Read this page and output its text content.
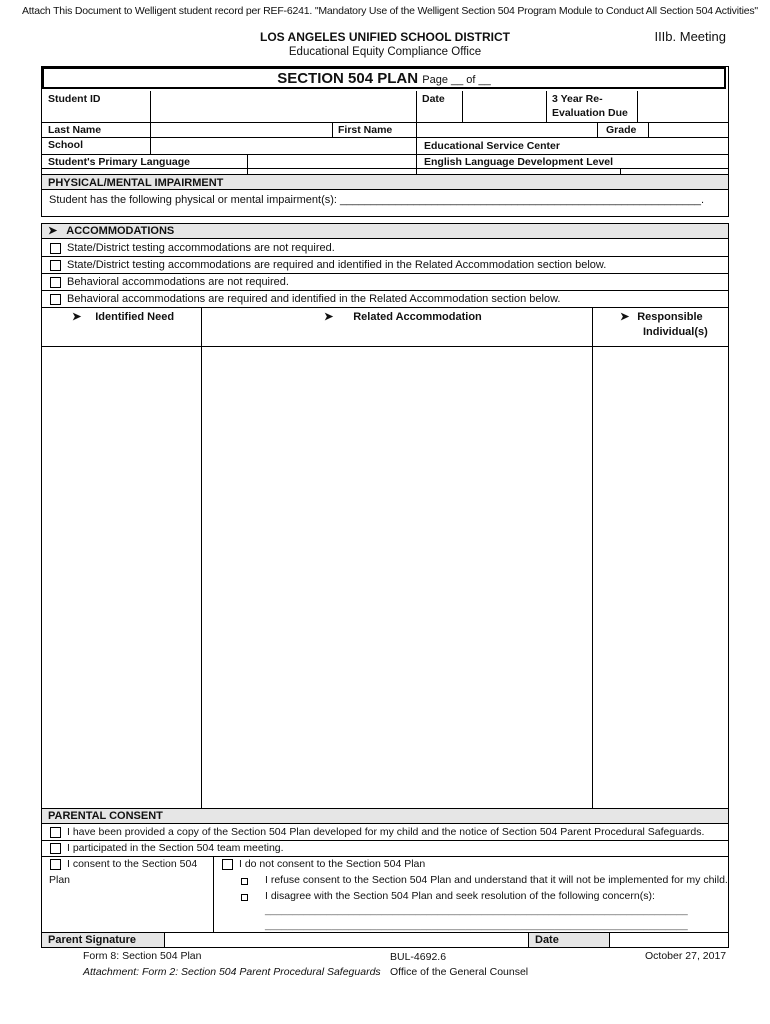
Attach This Document to Welligent student record per REF-6241. "Mandatory Use of the Welligent Section 504 Program Module to Conduct All Section 504 Activities"
LOS ANGELES UNIFIED SCHOOL DISTRICT
Educational Equity Compliance Office
IIIb. Meeting
SECTION 504 PLAN Page __ of __
Student ID	Date	3 Year Re-
Evaluation Due
Last Name	First Name	Grade
School	Educational Service Center
Student's Primary Language	English Language Development Level
PHYSICAL/MENTAL IMPAIRMENT
Student has the following physical or mental impairment(s): ___________________________________________________________.
➤ ACCOMMODATIONS
State/District testing accommodations are not required.
State/District testing accommodations are required and identified in the Related Accommodation section below.
Behavioral accommodations are not required.
Behavioral accommodations are required and identified in the Related Accommodation section below.
➤ Identified Need	➤ Related Accommodation	➤ Responsible
Individual(s)
PARENTAL CONSENT
I have been provided a copy of the Section 504 Plan developed for my child and the notice of Section 504 Parent Procedural Safeguards.
I participated in the Section 504 team meeting.
I consent to the Section 504
Plan
I do not consent to the Section 504 Plan
I refuse consent to the Section 504 Plan and understand that it will not be implemented for my child.
I disagree with the Section 504 Plan and seek resolution of the following concern(s):
____________________________________________________________________________
____________________________________________________________________________
Parent Signature	Date
Form 8: Section 504 Plan	BUL-4692.6	October 27, 2017
Attachment: Form 2: Section 504 Parent Procedural Safeguards Office of the General Counsel
